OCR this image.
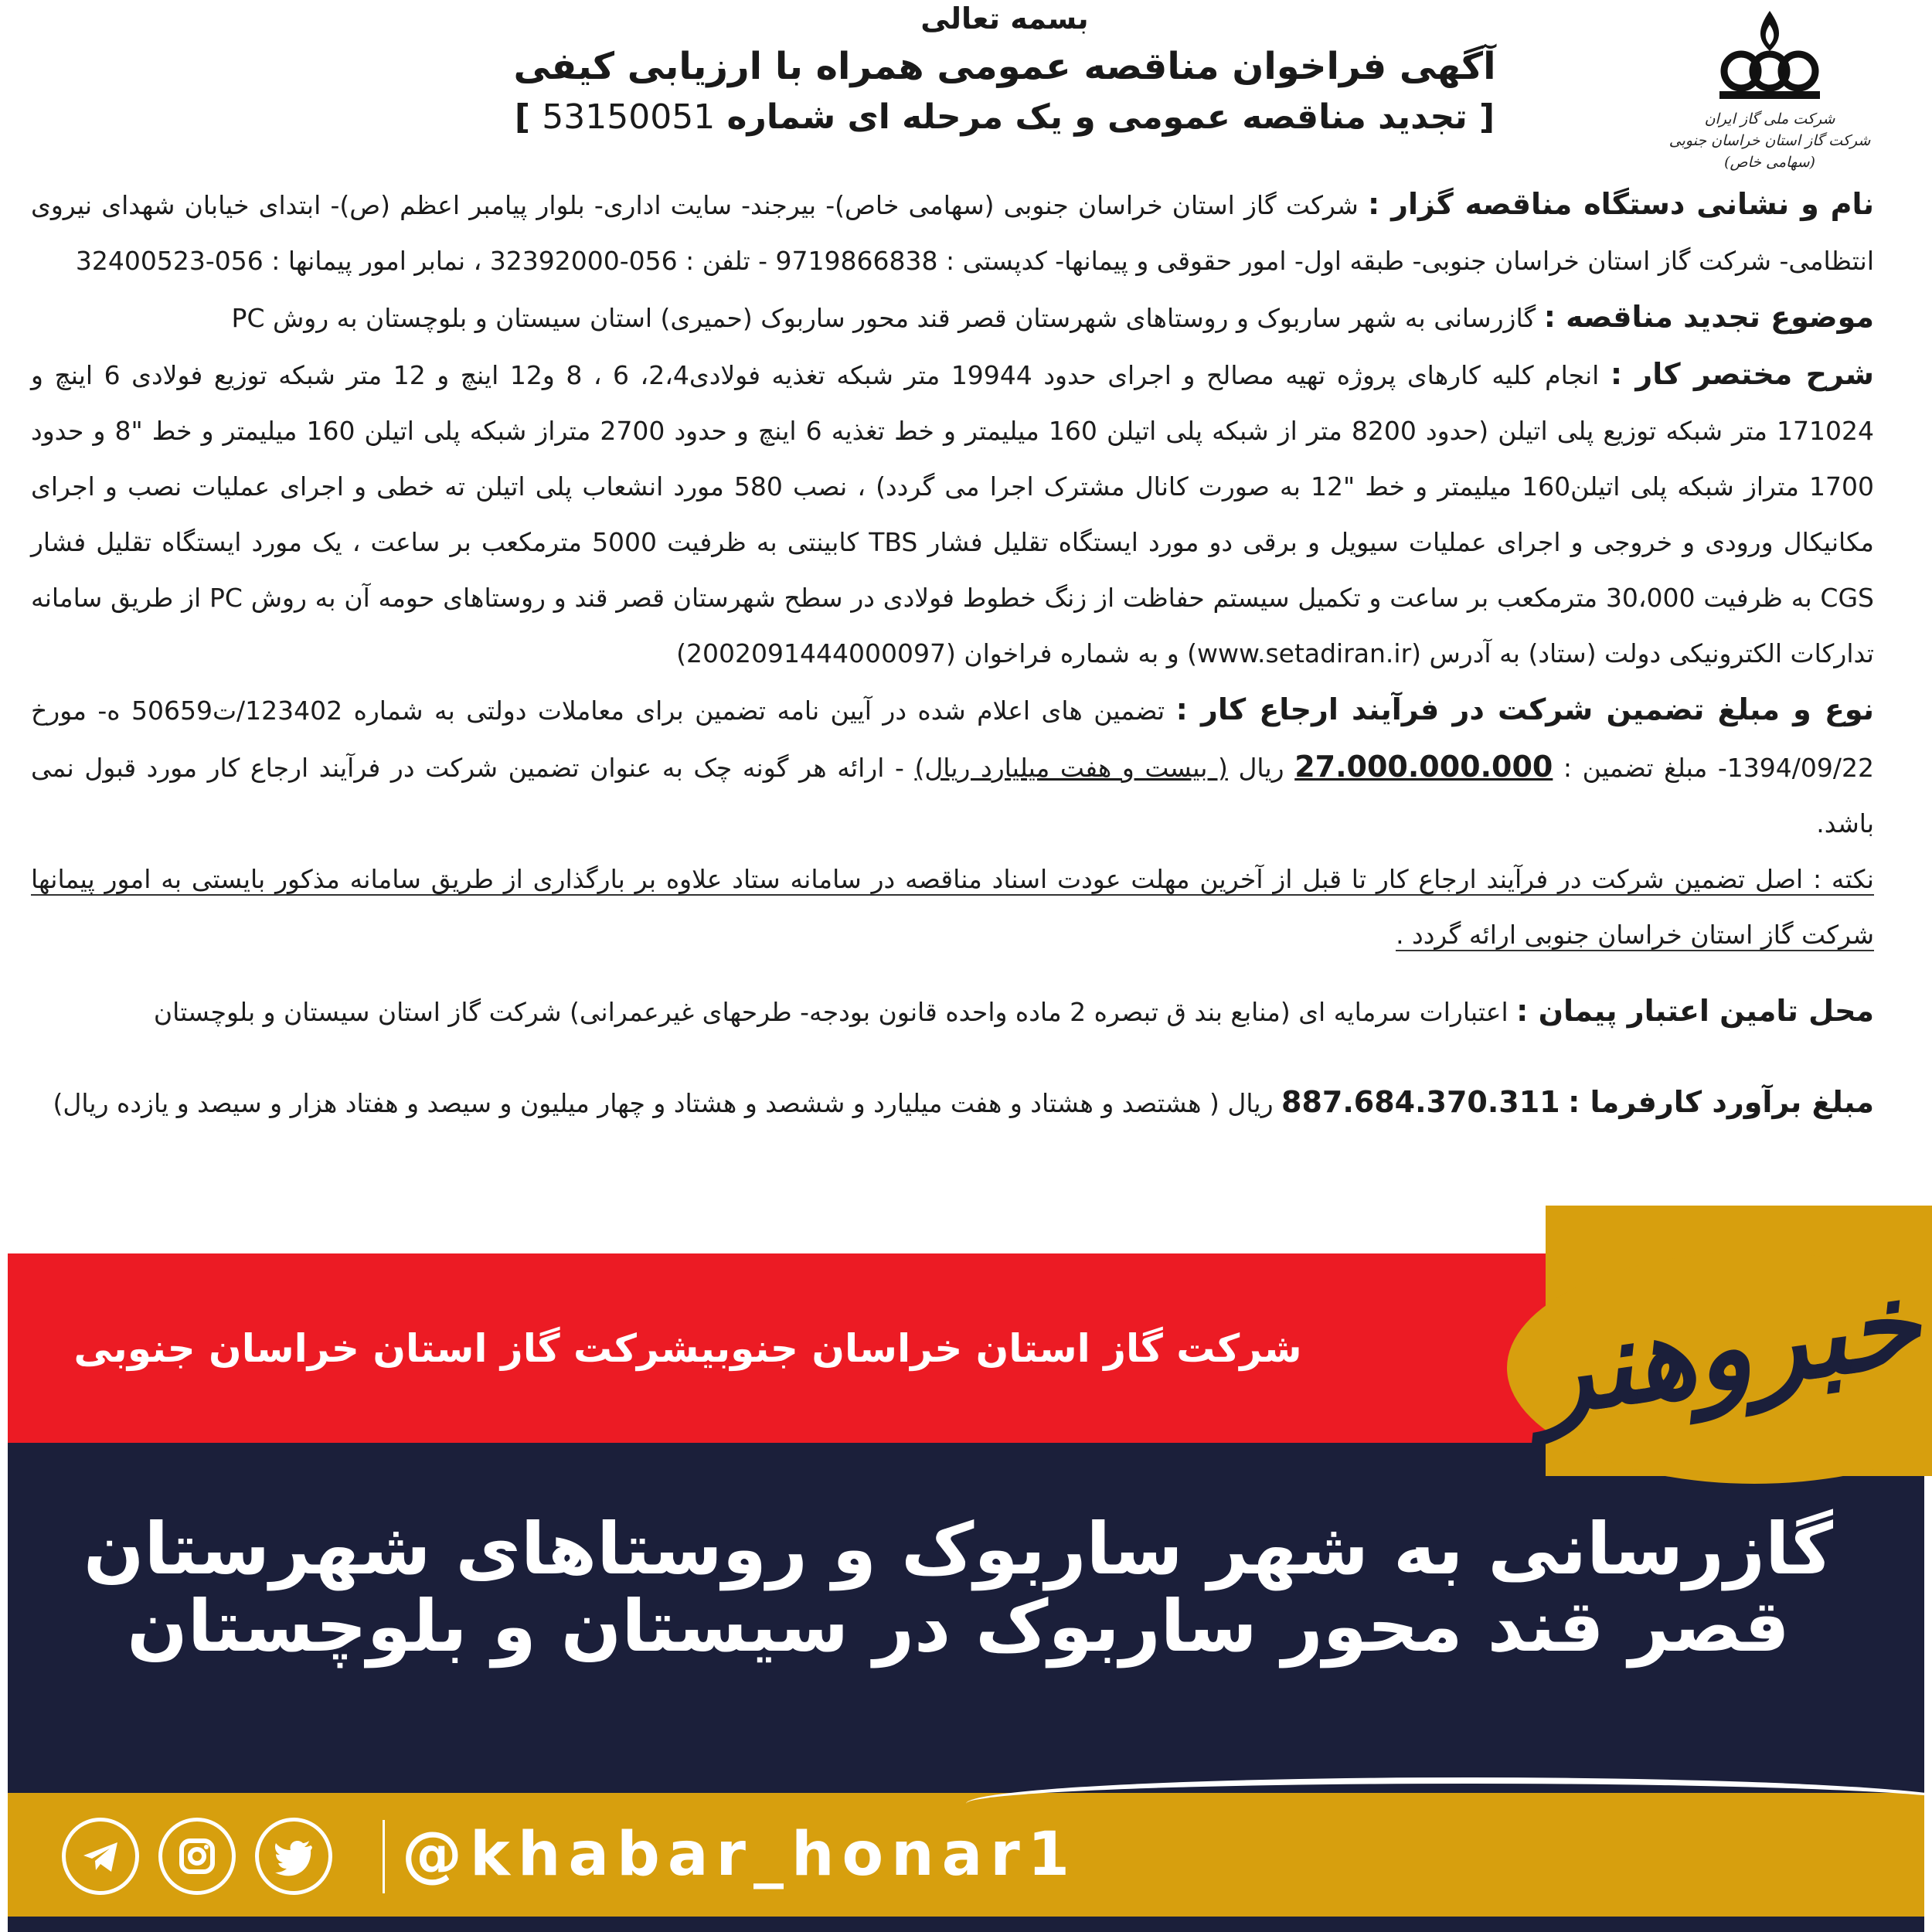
شرکت ملی گاز ایران
شرکت گاز استان خراسان جنوبی (سهامی خاص)
بسمه تعالی
آگهی فراخوان مناقصه عمومی همراه با ارزیابی کیفی
[ تجدید مناقصه عمومی و یک مرحله ای شماره 53150051 ]

نام و نشانی دستگاه مناقصه گزار : شرکت گاز استان خراسان جنوبی (سهامی خاص)- بیرجند- سایت اداری- بلوار پیامبر اعظم (ص)- ابتدای خیابان شهدای نیروی انتظامی- شرکت گاز استان خراسان جنوبی- طبقه اول- امور حقوقی و پیمانها- کدپستی : 9719866838 - تلفن : 056-32392000 ، نمابر امور پیمانها : 056-32400523

موضوع تجدید مناقصه : گازرسانی به شهر ساربوک و روستاهای شهرستان قصر قند محور ساربوک (حمیری) استان سیستان و بلوچستان به روش PC

شرح مختصر کار : انجام کلیه کارهای پروژه تهیه مصالح و اجرای حدود 19944 متر شبکه تغذیه فولادی2،4، 6 ، 8 و12 اینچ و 12 متر شبکه توزیع فولادی 6 اینچ و 171024 متر شبکه توزیع پلی اتیلن (حدود 8200 متر از شبکه پلی اتیلن 160 میلیمتر و خط تغذیه 6 اینچ و حدود 2700 متراز شبکه پلی اتیلن 160 میلیمتر و خط "8 و حدود 1700 متراز شبکه پلی اتیلن160 میلیمتر و خط "12 به صورت کانال مشترک اجرا می گردد) ، نصب 580 مورد انشعاب پلی اتیلن ته خطی و اجرای عملیات نصب و اجرای مکانیکال ورودی و خروجی و اجرای عملیات سیویل و برقی دو مورد ایستگاه تقلیل فشار TBS کابینتی به ظرفیت 5000 مترمکعب بر ساعت ، یک مورد ایستگاه تقلیل فشار CGS به ظرفیت 30،000 مترمکعب بر ساعت و تکمیل سیستم حفاظت از زنگ خطوط فولادی در سطح شهرستان قصر قند و روستاهای حومه آن به روش PC از طریق سامانه تدارکات الکترونیکی دولت (ستاد) به آدرس (www.setadiran.ir) و به شماره فراخوان (2002091444000097)

نوع و مبلغ تضمین شرکت در فرآیند ارجاع کار : تضمین های اعلام شده در آیین نامه تضمین برای معاملات دولتی به شماره 123402/ت50659 ه- مورخ 1394/09/22- مبلغ تضمین : 27.000.000.000 ریال ( بیست و هفت میلیارد ریال) - ارائه هر گونه چک به عنوان تضمین شرکت در فرآیند ارجاع کار مورد قبول نمی باشد.

نکته : اصل تضمین شرکت در فرآیند ارجاع کار تا قبل از آخرین مهلت عودت اسناد مناقصه در سامانه ستاد علاوه بر بارگذاری از طریق سامانه مذکور بایستی به امور پیمانها شرکت گاز استان خراسان جنوبی ارائه گردد .

محل تامین اعتبار پیمان : اعتبارات سرمایه ای (منابع بند ق تبصره 2 ماده واحده قانون بودجه- طرحهای غیرعمرانی) شرکت گاز استان سیستان و بلوچستان

مبلغ برآورد کارفرما : 887.684.370.311 ریال ( هشتصد و هشتاد و هفت میلیارد و ششصد و هشتاد و چهار میلیون و سیصد و هفتاد هزار و سیصد و یازده ریال)

شرکت گاز استان خراسان جنوبیشرکت گاز استان خراسان جنوبی	خبروهنر
گازرسانی به شهر ساربوک و روستاهای شهرستان قصر قند محور ساربوک در سیستان و بلوچستان
@khabar_honar1
